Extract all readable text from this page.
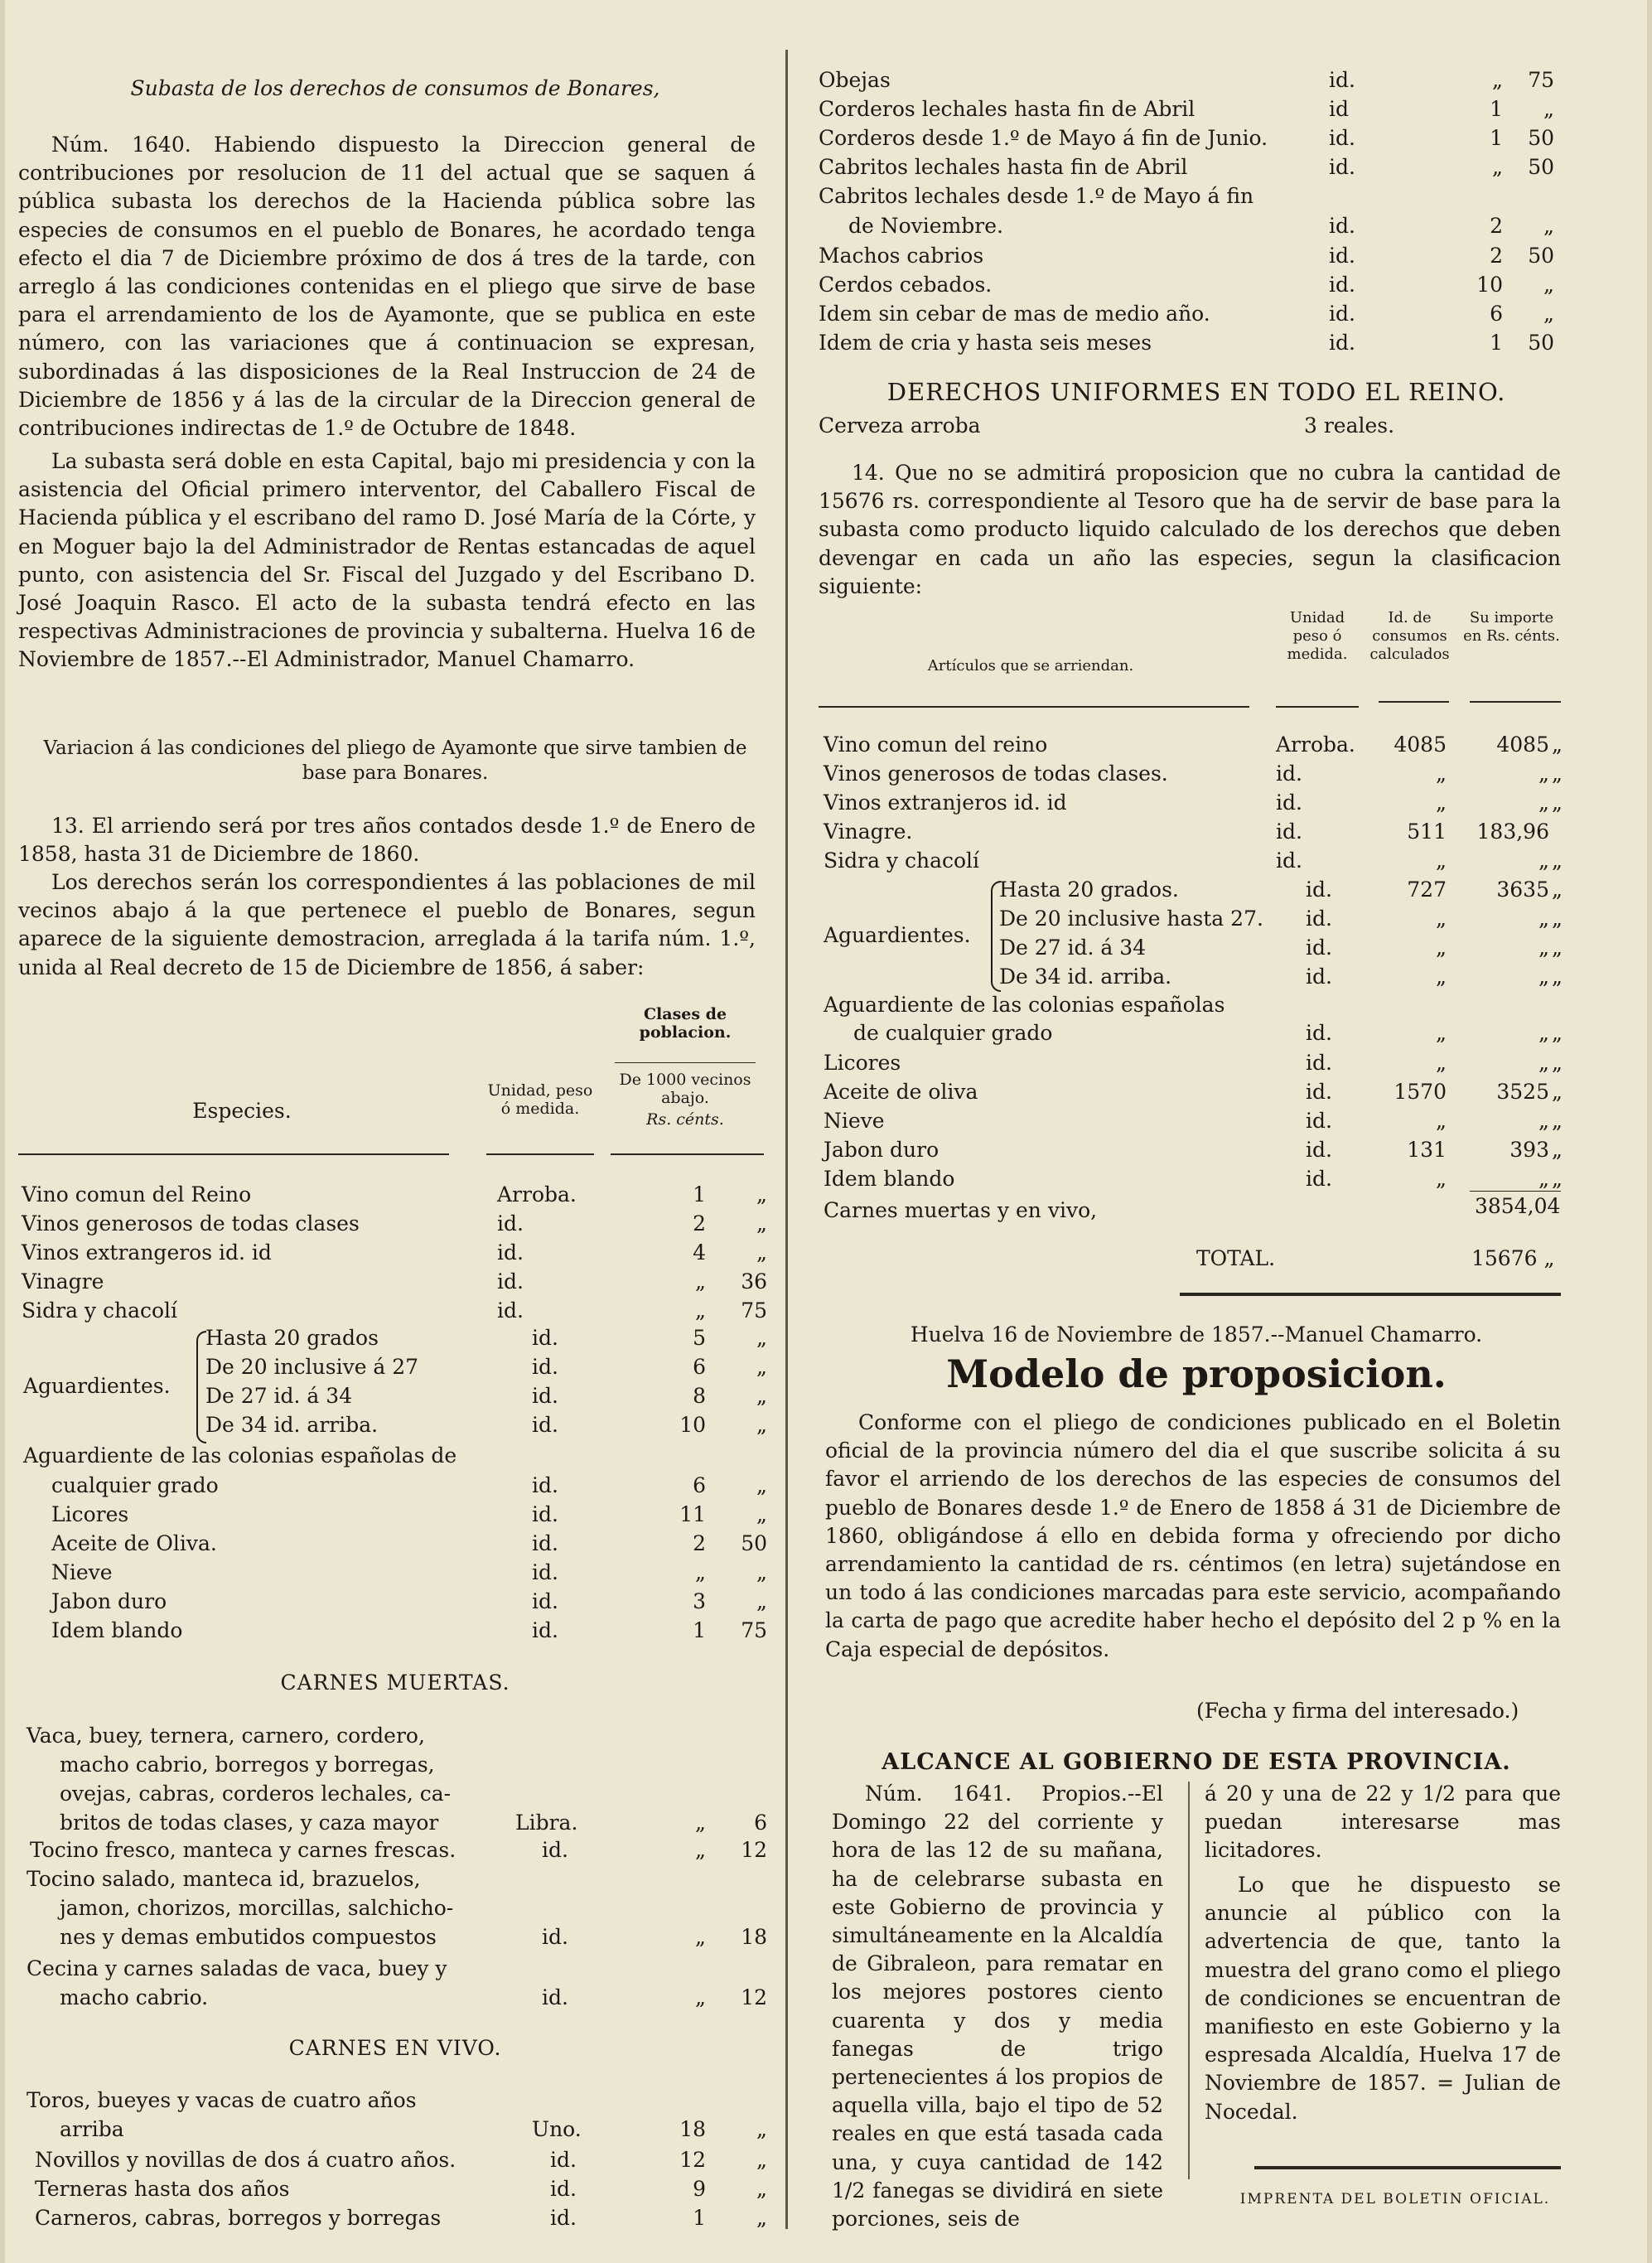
Subasta de los derechos de consumos de Bonares,

Núm. 1640. Habiendo dispuesto la Direccion general de contribuciones por resolucion de 11 del actual que se saquen á pública subasta los derechos de la Hacienda pública sobre las especies de consumos en el pueblo de Bonares, he acordado tenga efecto el dia 7 de Diciembre próximo de dos á tres de la tarde, con arreglo á las condiciones contenidas en el pliego que sirve de base para el arrendamiento de los de Ayamonte, que se publica en este número, con las variaciones que á continuacion se expresan, subordinadas á las disposiciones de la Real Instruccion de 24 de Diciembre de 1856 y á las de la circular de la Direccion general de contribuciones indirectas de 1.º de Octubre de 1848.

La subasta será doble en esta Capital, bajo mi presidencia y con la asistencia del Oficial primero interventor, del Caballero Fiscal de Hacienda pública y el escribano del ramo D. José María de la Córte, y en Moguer bajo la del Administrador de Rentas estancadas de aquel punto, con asistencia del Sr. Fiscal del Juzgado y del Escribano D. José Joaquin Rasco. El acto de la subasta tendrá efecto en las respectivas Administraciones de provincia y subalterna. Huelva 16 de Noviembre de 1857.--El Administrador, Manuel Chamarro.

Variacion á las condiciones del pliego de Ayamonte que sirve tambien de base para Bonares.

13. El arriendo será por tres años contados desde 1.º de Enero de 1858, hasta 31 de Diciembre de 1860.

Los derechos serán los correspondientes á las poblaciones de mil vecinos abajo á la que pertenece el pueblo de Bonares, segun aparece de la siguiente demostracion, arreglada á la tarifa núm. 1.º, unida al Real decreto de 15 de Diciembre de 1856, á saber:

Clases de poblacion.
De 1000 vecinos abajo.
Rs. cénts.
Unidad, peso ó medida.
Especies.
Vino comun del Reino	Arroba.	1	„
Vinos generosos de todas clases	id.	2	„
Vinos extrangeros id. id	id.	4	„
Vinagre	id.	„	36
Sidra y chacolí	id.	„	75
Hasta 20 grados	id.	5	„
De 20 inclusive á 27	id.	6	„
De 27 id. á 34	id.	8	„
De 34 id. arriba.	id.	10	„
Aguardientes.
Aguardiente de las colonias españolas de
cualquier grado	id.	6	„
Licores	id.	11	„
Aceite de Oliva.	id.	2	50
Nieve	id.	„	„
Jabon duro	id.	3	„
Idem blando	id.	1	75
CARNES MUERTAS.
Vaca, buey, ternera, carnero, cordero,
macho cabrio, borregos y borregas,
ovejas, cabras, corderos lechales, ca-
britos de todas clases, y caza mayor	Libra.	„	6
Tocino fresco, manteca y carnes frescas.	id.	„	12
Tocino salado, manteca id, brazuelos,
jamon, chorizos, morcillas, salchicho-
nes y demas embutidos compuestos	id.	„	18
Cecina y carnes saladas de vaca, buey y
macho cabrio.	id.	„	12
CARNES EN VIVO.
Toros, bueyes y vacas de cuatro años
arriba	Uno.	18	„
Novillos y novillas de dos á cuatro años.	id.	12	„
Terneras hasta dos años	id.	9	„
Carneros, cabras, borregos y borregas	id.	1	„
Obejas	id.	„	75
Corderos lechales hasta fin de Abril	id	1	„
Corderos desde 1.º de Mayo á fin de Junio.	id.	1	50
Cabritos lechales hasta fin de Abril	id.	„	50
Cabritos lechales desde 1.º de Mayo á fin
de Noviembre.	id.	2	„
Machos cabrios	id.	2	50
Cerdos cebados.	id.	10	„
Idem sin cebar de mas de medio año.	id.	6	„
Idem de cria y hasta seis meses	id.	1	50
DERECHOS UNIFORMES EN TODO EL REINO.
Cerveza arroba	3 reales.

14. Que no se admitirá proposicion que no cubra la cantidad de 15676 rs. correspondiente al Tesoro que ha de servir de base para la subasta como producto liquido calculado de los derechos que deben devengar en cada un año las especies, segun la clasificacion siguiente:

Unidad peso ó medida.
Id. de consumos calculados
Su importe en Rs. cénts.
Artículos que se arriendan.
Vino comun del reino	Arroba.	4085	4085 „
Vinos generosos de todas clases.	id.	„	„ „
Vinos extranjeros id. id	id.	„	„ „
Vinagre.	id.	511	183,96
Sidra y chacolí	id.	„	„ „
Hasta 20 grados.	id.	727	3635 „
De 20 inclusive hasta 27. id.	„	„ „
De 27 id. á 34	id.	„	„ „
De 34 id. arriba.	id.	„	„ „
Aguardientes.
Aguardiente de las colonias españolas
de cualquier grado	id.	„	„ „
Licores	id.	„	„ „
Aceite de oliva	id.	1570	3525 „
Nieve	id.	„	„ „
Jabon duro	id.	131	393 „
Idem blando	id.	„	„ „
Carnes muertas y en vivo,	3854,04
TOTAL.	15676 „
Huelva 16 de Noviembre de 1857.--Manuel Chamarro.
Modelo de proposicion.

Conforme con el pliego de condiciones publicado en el Boletin oficial de la provincia número del dia el que suscribe solicita á su favor el arriendo de los derechos de las especies de consumos del pueblo de Bonares desde 1.º de Enero de 1858 á 31 de Diciembre de 1860, obligándose á ello en debida forma y ofreciendo por dicho arrendamiento la cantidad de rs. céntimos (en letra) sujetándose en un todo á las condiciones marcadas para este servicio, acompañando la carta de pago que acredite haber hecho el depósito del 2 p % en la Caja especial de depósitos.

(Fecha y firma del interesado.)
ALCANCE AL GOBIERNO DE ESTA PROVINCIA.

Núm. 1641. Propios.--El Domingo 22 del corriente y hora de las 12 de su mañana, ha de celebrarse subasta en este Gobierno de provincia y simultáneamente en la Alcaldía de Gibraleon, para rematar en los mejores postores ciento cuarenta y dos y media fanegas de trigo pertenecientes á los propios de aquella villa, bajo el tipo de 52 reales en que está tasada cada una, y cuya cantidad de 142 1/2 fanegas se dividirá en siete porciones, seis de

á 20 y una de 22 y 1/2 para que puedan interesarse mas licitadores.

Lo que he dispuesto se anuncie al público con la advertencia de que, tanto la muestra del grano como el pliego de condiciones se encuentran de manifiesto en este Gobierno y la espresada Alcaldía, Huelva 17 de Noviembre de 1857. = Julian de Nocedal.

IMPRENTA DEL BOLETIN OFICIAL.
